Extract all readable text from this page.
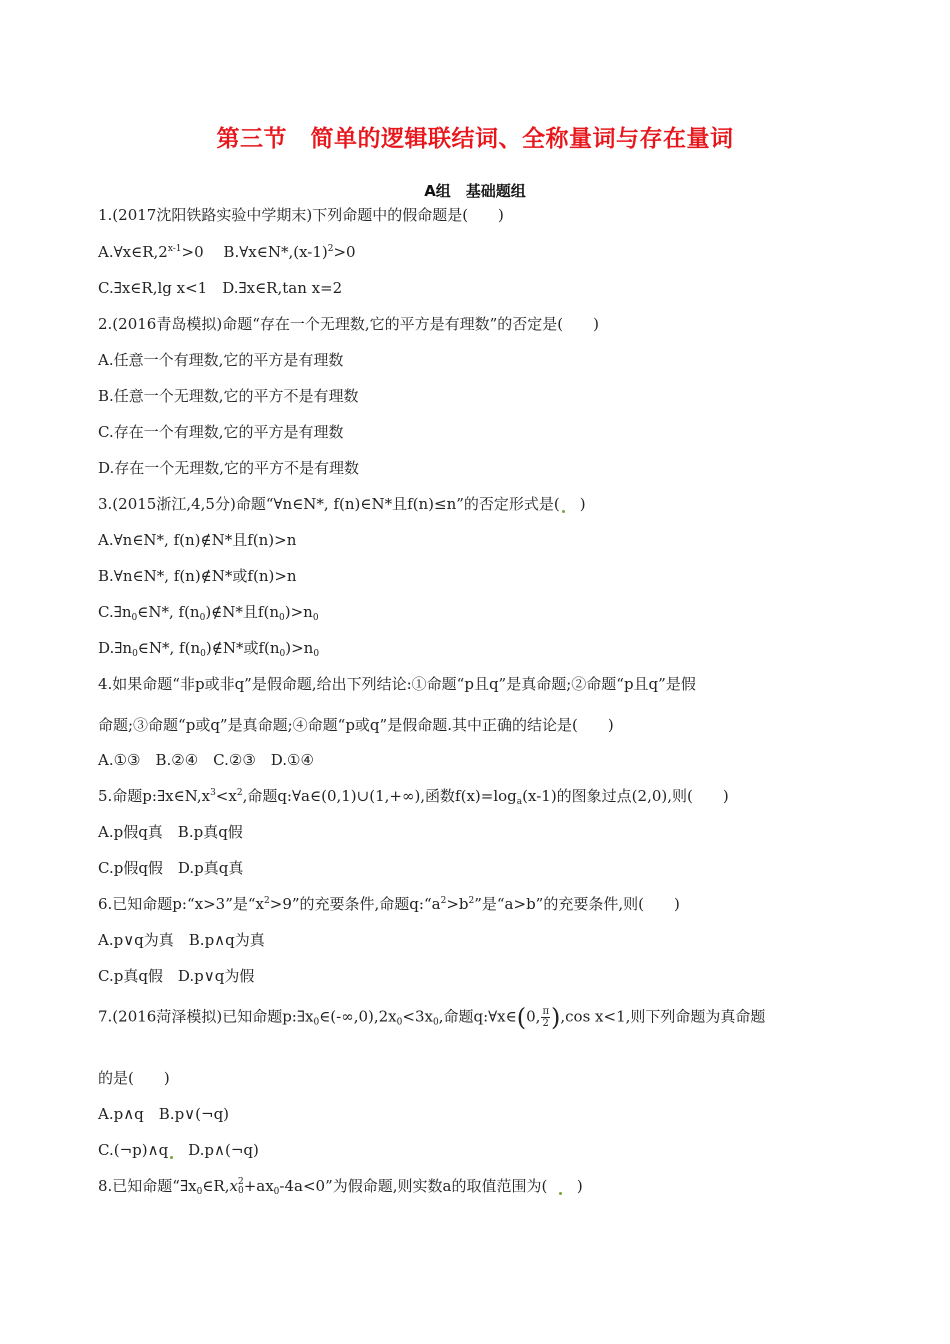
第三节　简单的逻辑联结词、全称量词与存在量词
A组　基础题组
1.(2017沈阳铁路实验中学期末)下列命题中的假命题是(　　)
$A.\forall x\in R,2^{x-1}>0$　 $B.\forall x\in N*,(x-1)^2>0$
C.∃x∈R,lg x<1　D.∃x∈R,tan x=2
2.(2016青岛模拟)命题“存在一个无理数,它的平方是有理数”的否定是(　　)
A.任意一个有理数,它的平方是有理数
B.任意一个无理数,它的平方不是有理数
C.存在一个有理数,它的平方是有理数
D.存在一个无理数,它的平方不是有理数
3.(2015浙江,4,5分)命题“∀n∈N*, f(n)∈N*且f(n)≤n”的否定形式是(　)
A.∀n∈N*, f(n)∉N*且f(n)>n
B.∀n∈N*, f(n)∉N*或f(n)>n
$C.\exists n_0\in N*$, $f(n_0)\notin N*$且$f(n_0)>n_0$
$D.\exists n_0\in N*$, $f(n_0)\notin N*$或$f(n_0)>n_0$
4.如果命题“非p或非q”是假命题,给出下列结论:①命题“p且q”是真命题;②命题“p且q”是假
命题;③命题“p或q”是真命题;④命题“p或q”是假命题.其中正确的结论是(　　)
A.①③　B.②④　C.②③　D.①④
5.命题$p:\exists x\in N,x^3<x^2$,命题q:∀a∈(0,1)∪(1,+∞),函数$f(x)=\log_a(x-1)$的图象过点(2,0),则(　　)
A.p假q真　B.p真q假
C.p假q假　D.p真q真
6.已知命题p:“x>3”是“$x^2>9$”的充要条件,命题$q:“a^2>b^2$”是“a>b”的充要条件,则(　　)
A.p∨q为真　B.p∧q为真
C.p真q假　D.p∨q为假
7.(2016菏泽模拟)已知命题$p:\exists x_0\in(-\infty,0),2x_0<3x_0$,命题q:∀x∈(0, $\frac{\pi}{2} ),\cos$ x<1,则下列命题为真命题
的是(　　)
A.p∧q　B.p∨(¬q)
C.(¬p)∧q　D.p∧(¬q)
8.已知命题“$\exists x_0\in R,x$ 2
$0 +ax_0-4a<0$”为假命题,则实数a的取值范围为(  　)
